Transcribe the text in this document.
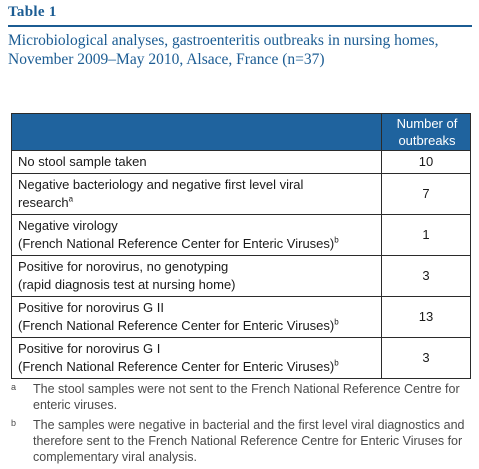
Table 1
Microbiological analyses, gastroenteritis outbreaks in nursing homes, November 2009–May 2010, Alsace, France (n=37)
	Number of
outbreaks
No stool sample taken	10
Negative bacteriology and negative first level viral
research$^a$	7
Negative virology
(French National Reference Center for Enteric Viruses)$^b$	1
Positive for norovirus, no genotyping
(rapid diagnosis test at nursing home)	3
Positive for norovirus G II
(French National Reference Center for Enteric Viruses)$^b$	13
Positive for norovirus G I
(French National Reference Center for Enteric Viruses)$^b$	3
a	The stool samples were not sent to the French National Reference Centre for enteric viruses.
b	The samples were negative in bacterial and the first level viral diagnostics and therefore sent to the French National Reference Centre for Enteric Viruses for complementary viral analysis.
